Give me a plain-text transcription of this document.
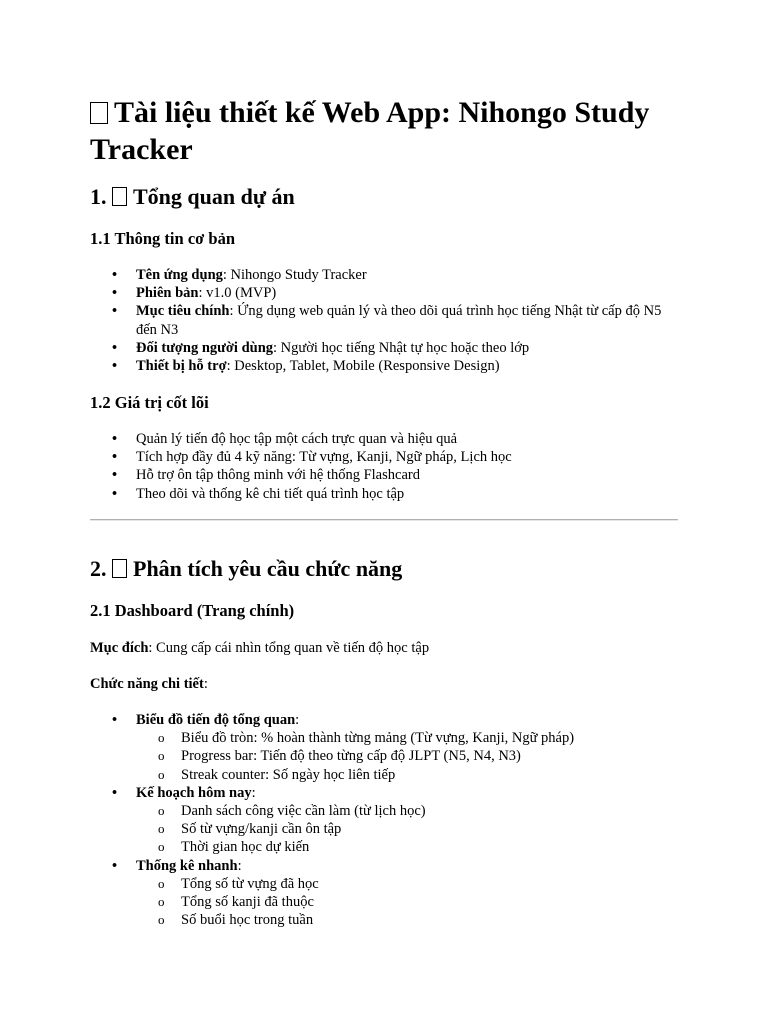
Tài liệu thiết kế Web App: Nihongo Study Tracker
1. Tổng quan dự án
1.1 Thông tin cơ bản
• Tên ứng dụng: Nihongo Study Tracker
• Phiên bản: v1.0 (MVP)
• Mục tiêu chính: Ứng dụng web quản lý và theo dõi quá trình học tiếng Nhật từ cấp độ N5 đến N3
• Đối tượng người dùng: Người học tiếng Nhật tự học hoặc theo lớp
• Thiết bị hỗ trợ: Desktop, Tablet, Mobile (Responsive Design)
1.2 Giá trị cốt lõi
• Quản lý tiến độ học tập một cách trực quan và hiệu quả
• Tích hợp đầy đủ 4 kỹ năng: Từ vựng, Kanji, Ngữ pháp, Lịch học
• Hỗ trợ ôn tập thông minh với hệ thống Flashcard
• Theo dõi và thống kê chi tiết quá trình học tập
2. Phân tích yêu cầu chức năng
2.1 Dashboard (Trang chính)

Mục đích: Cung cấp cái nhìn tổng quan về tiến độ học tập

Chức năng chi tiết:

• Biểu đồ tiến độ tổng quan:
o Biểu đồ tròn: % hoàn thành từng mảng (Từ vựng, Kanji, Ngữ pháp)
o Progress bar: Tiến độ theo từng cấp độ JLPT (N5, N4, N3)
o Streak counter: Số ngày học liên tiếp
• Kế hoạch hôm nay:
o Danh sách công việc cần làm (từ lịch học)
o Số từ vựng/kanji cần ôn tập
o Thời gian học dự kiến
• Thống kê nhanh:
o Tổng số từ vựng đã học
o Tổng số kanji đã thuộc
o Số buổi học trong tuần
